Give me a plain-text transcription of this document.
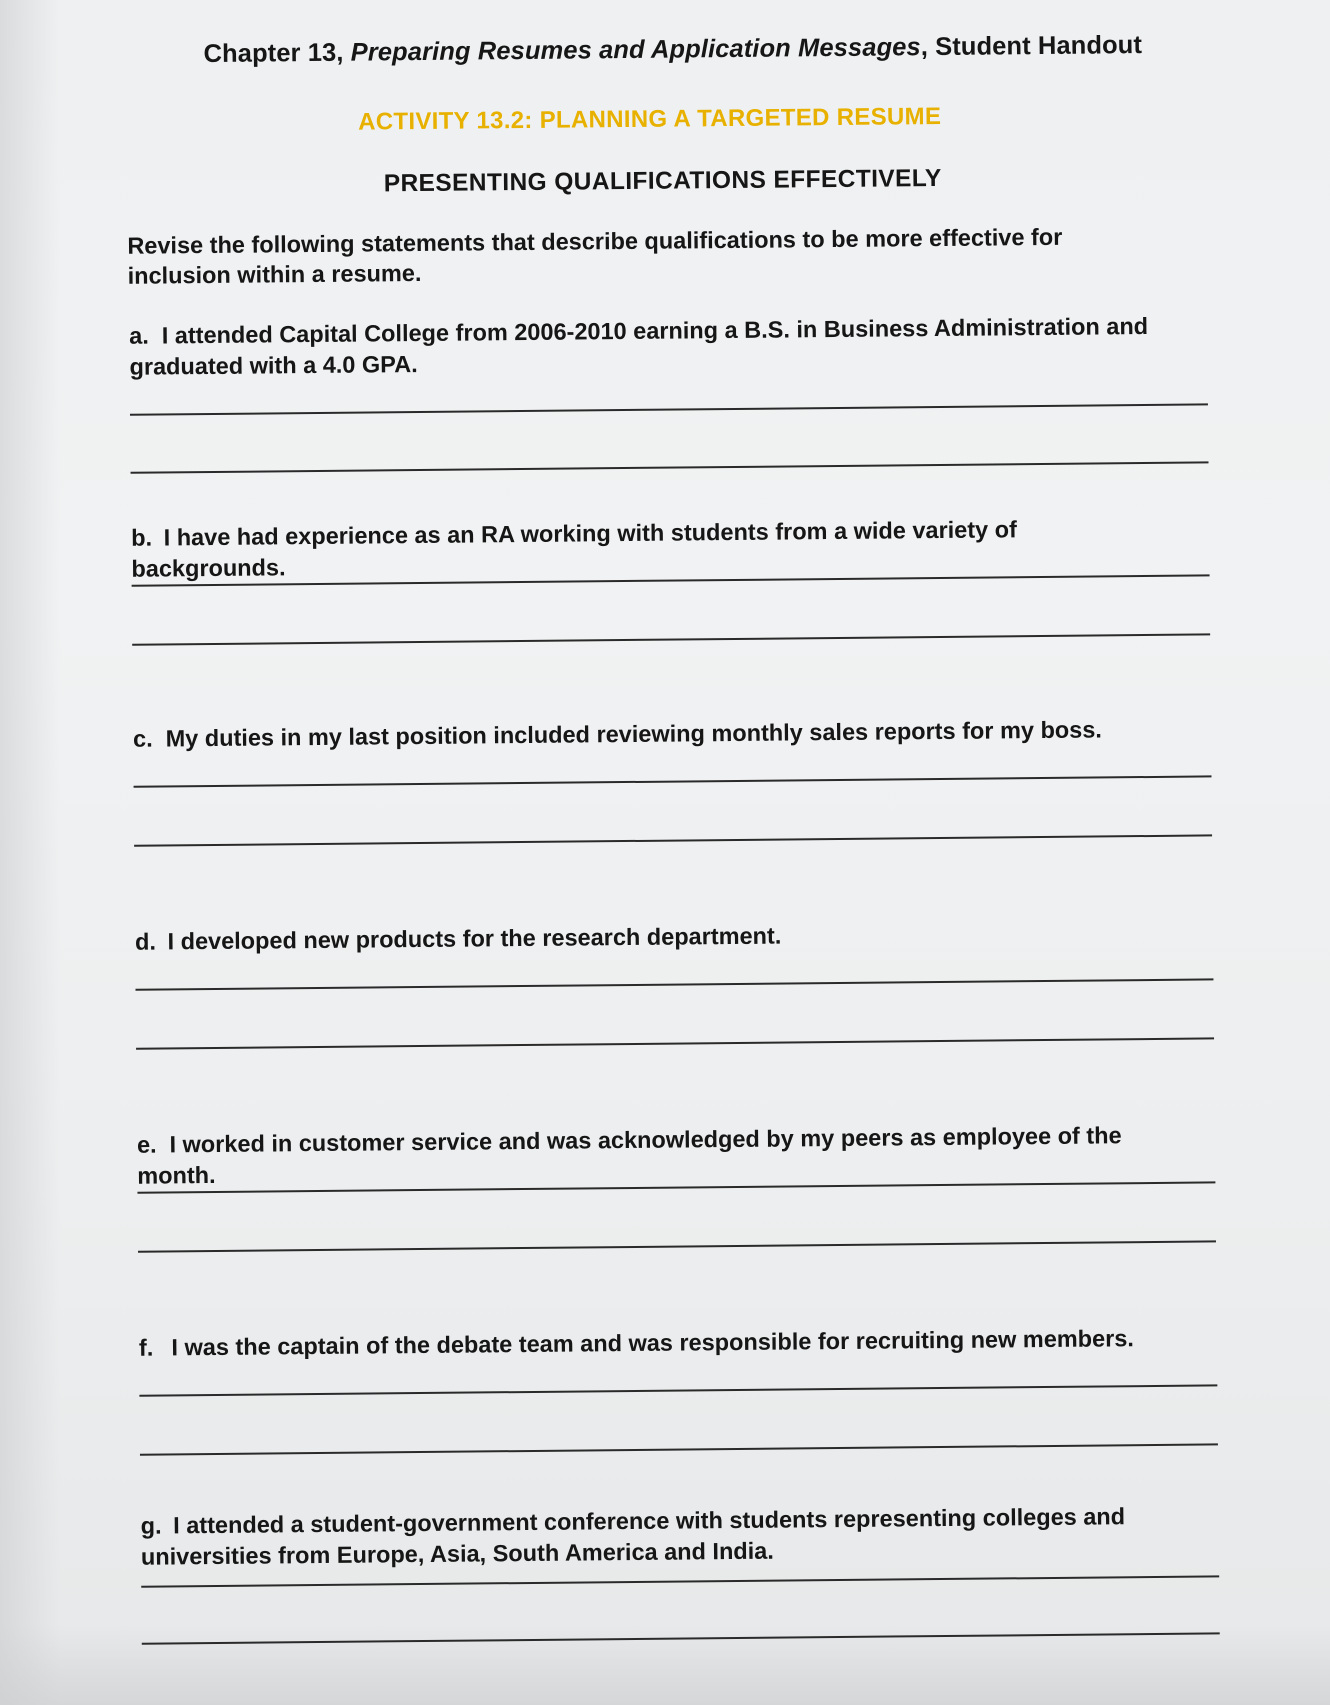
Chapter 13, Preparing Resumes and Application Messages, Student Handout

ACTIVITY 13.2: PLANNING A TARGETED RESUME

PRESENTING QUALIFICATIONS EFFECTIVELY

Revise the following statements that describe qualifications to be more effective for inclusion within a resume.

a. I attended Capital College from 2006-2010 earning a B.S. in Business Administration and graduated with a 4.0 GPA.

b. I have had experience as an RA working with students from a wide variety of backgrounds.

c. My duties in my last position included reviewing monthly sales reports for my boss.

d. I developed new products for the research department.

e. I worked in customer service and was acknowledged by my peers as employee of the month.

f. I was the captain of the debate team and was responsible for recruiting new members.

g. I attended a student-government conference with students representing colleges and universities from Europe, Asia, South America and India.
